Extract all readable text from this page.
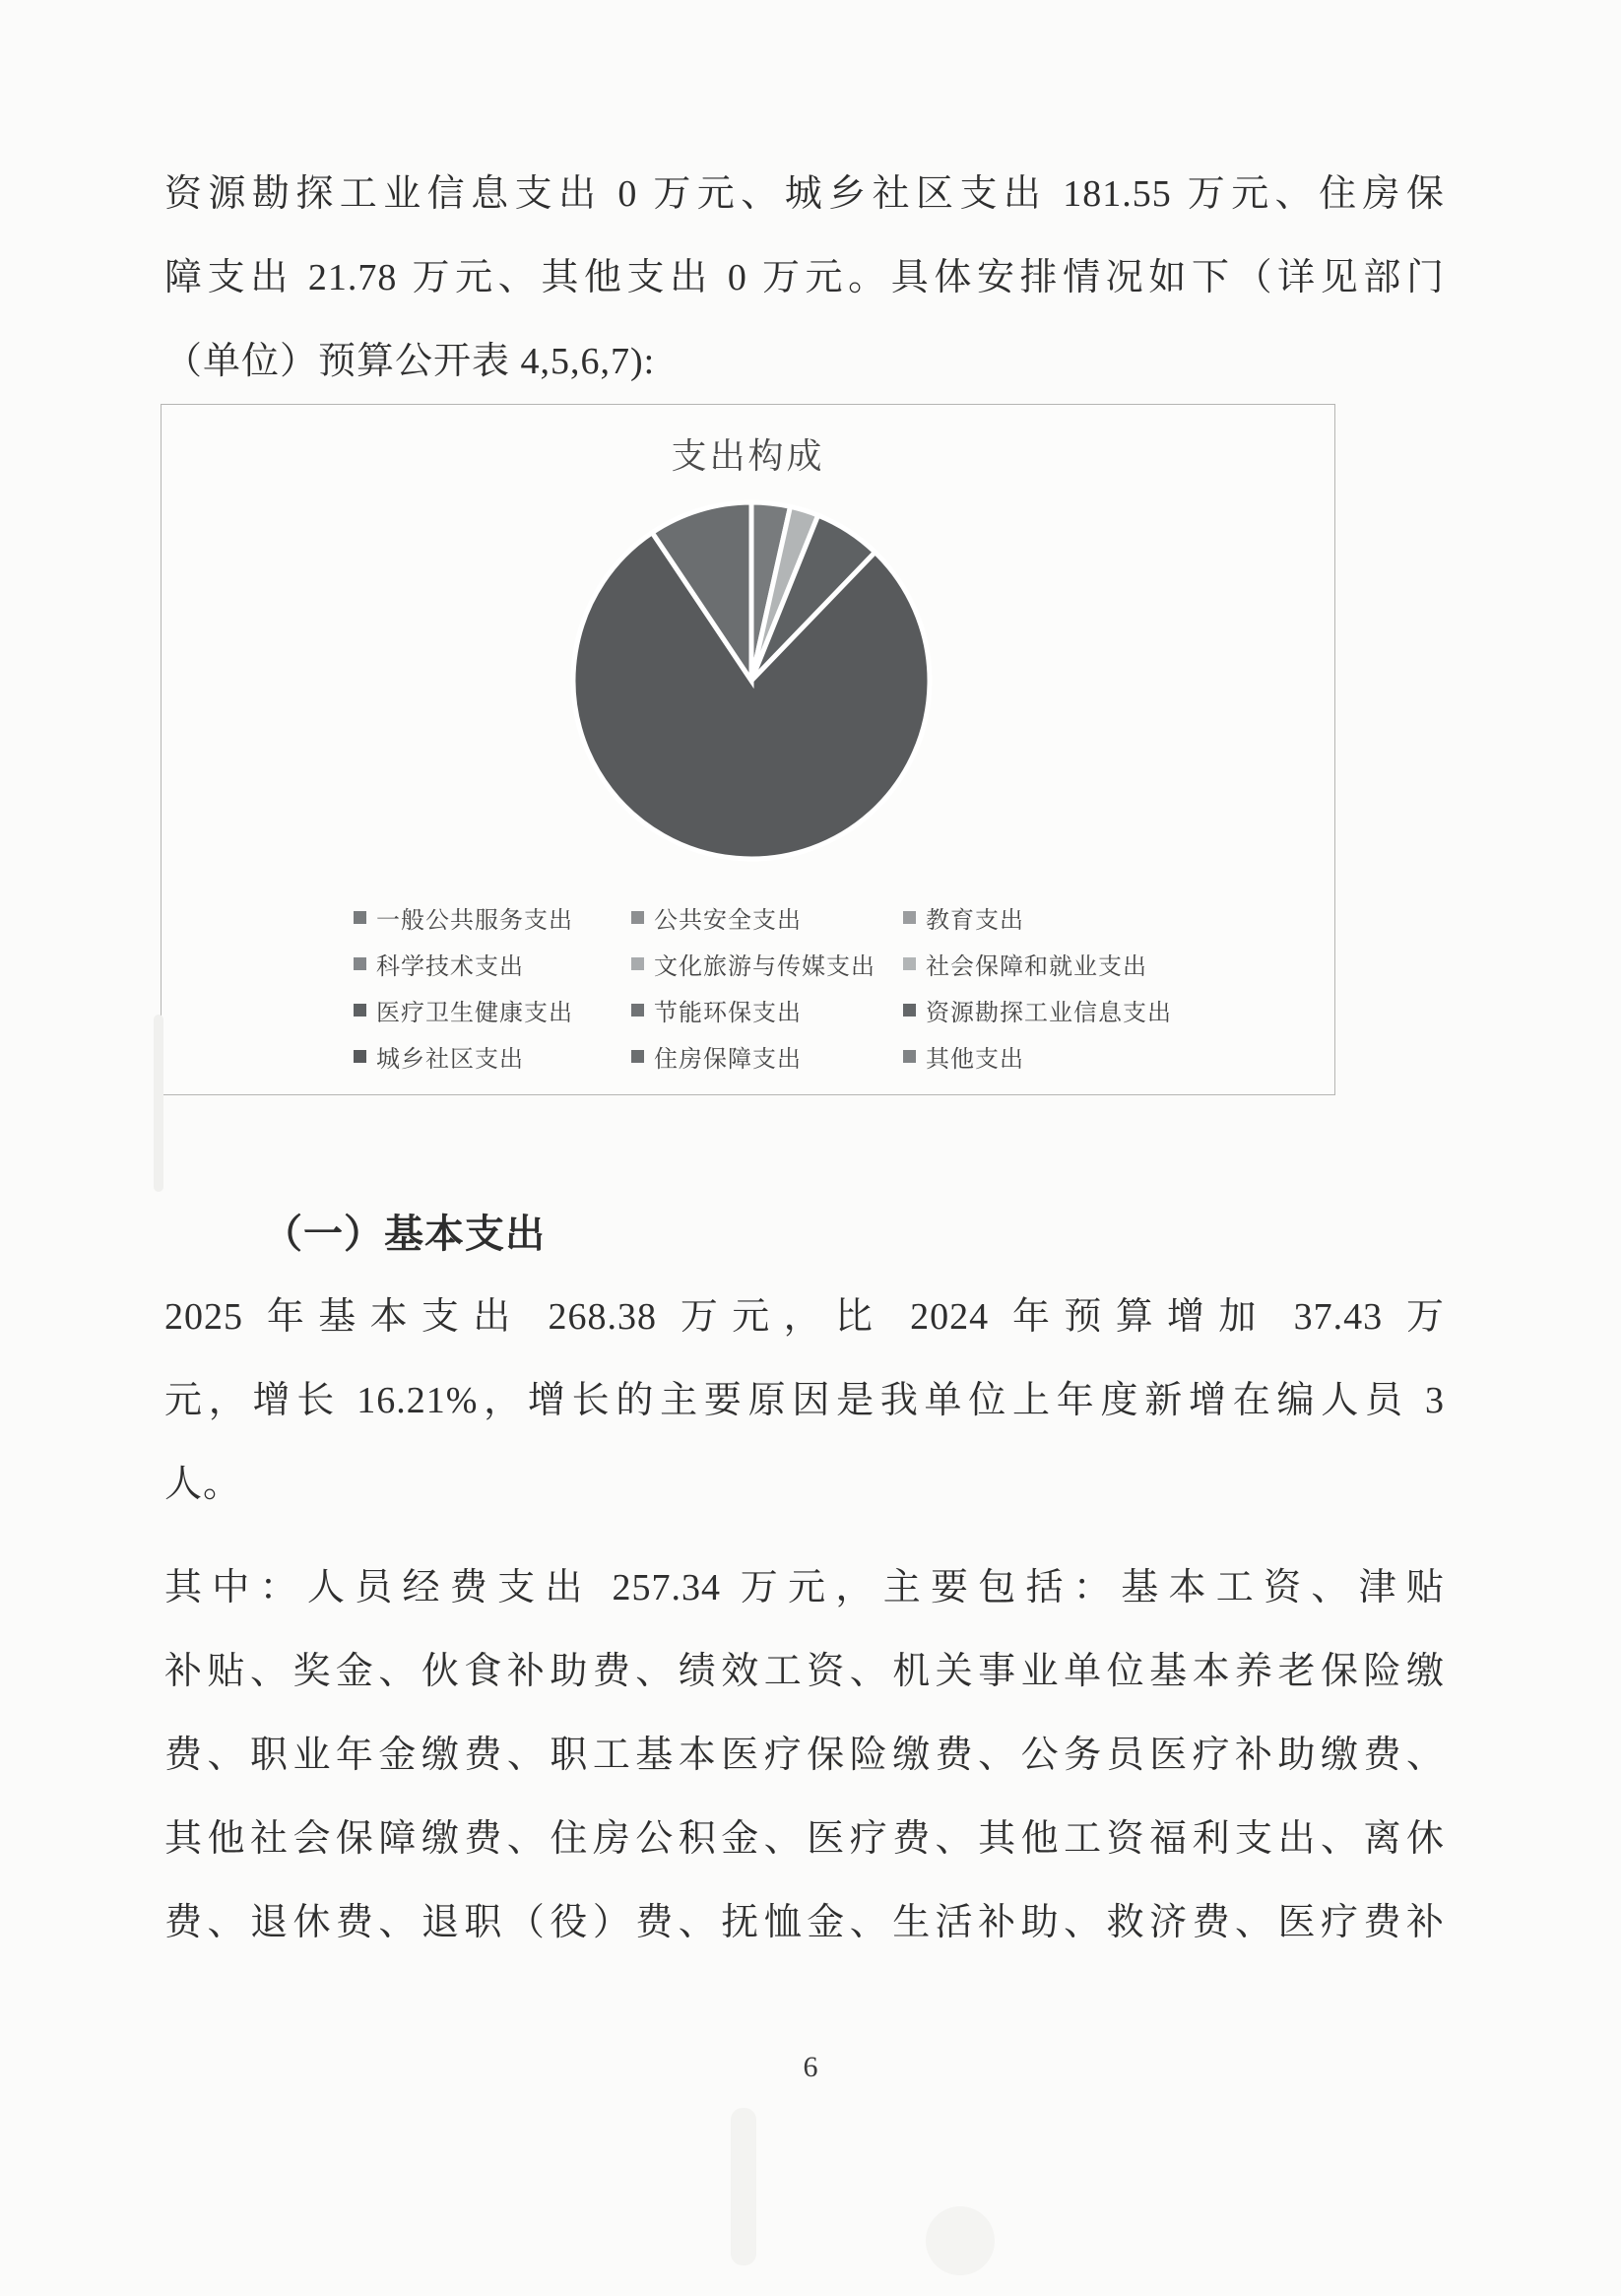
资源勘探工业信息支出 0 万元、城乡社区支出 181.55 万元、住房保
障支出 21.78 万元、其他支出 0 万元。具体安排情况如下（详见部门
（单位）预算公开表 4,5,6,7):
支出构成
一般公共服务支出	公共安全支出	教育支出
科学技术支出	文化旅游与传媒支出 社会保障和就业支出
医疗卫生健康支出	节能环保支出	资源勘探工业信息支出
城乡社区支出	住房保障支出	其他支出
（一）基本支出
2025 年基本支出 268.38 万元，比 2024 年预算增加 37.43 万
元，增长 16.21%，增长的主要原因是我单位上年度新增在编人员 3
人。
其中：人员经费支出 257.34 万元，主要包括：基本工资、津贴
补贴、奖金、伙食补助费、绩效工资、机关事业单位基本养老保险缴
费、职业年金缴费、职工基本医疗保险缴费、公务员医疗补助缴费、
其他社会保障缴费、住房公积金、医疗费、其他工资福利支出、离休
费、退休费、退职（役）费、抚恤金、生活补助、救济费、医疗费补
6
